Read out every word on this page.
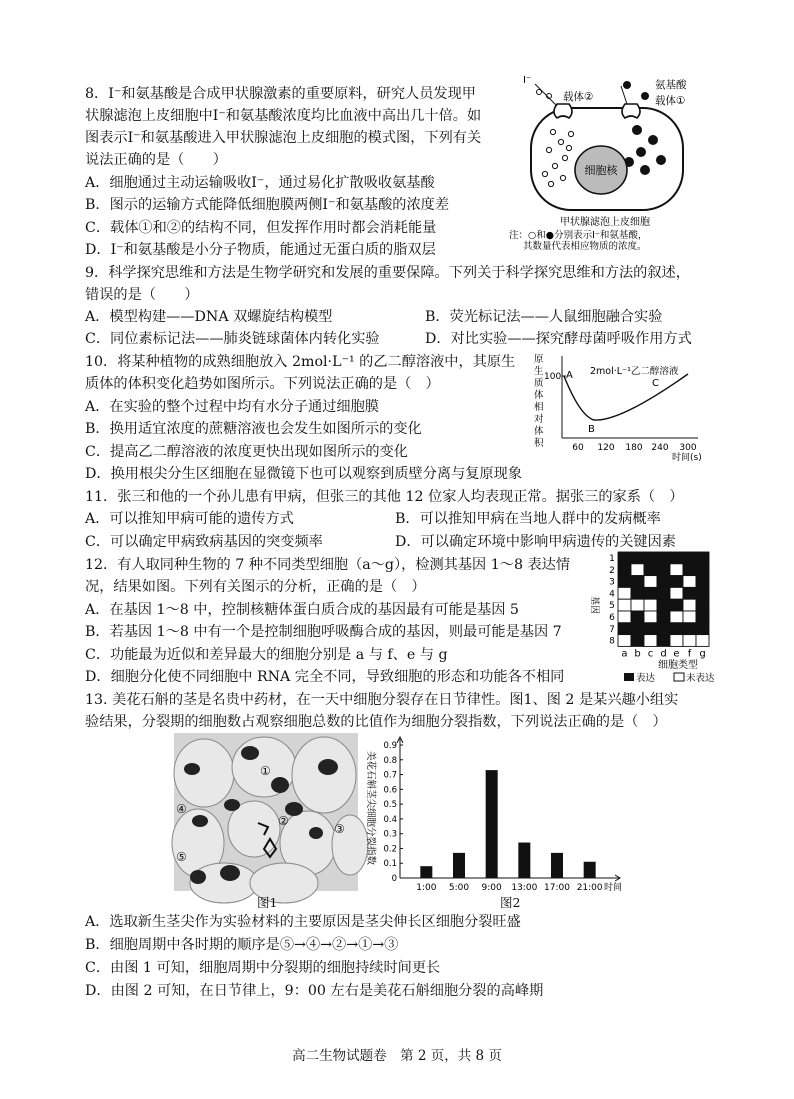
8．I⁻和氨基酸是合成甲状腺激素的重要原料，研究人员发现甲
状腺滤泡上皮细胞中I⁻和氨基酸浓度均比血液中高出几十倍。如
图表示I⁻和氨基酸进入甲状腺滤泡上皮细胞的模式图，下列有关
说法正确的是（　　）
A．细胞通过主动运输吸收I⁻，通过易化扩散吸收氨基酸
B．图示的运输方式能降低细胞膜两侧I⁻和氨基酸的浓度差
C．载体①和②的结构不同，但发挥作用时都会消耗能量
D．I⁻和氨基酸是小分子物质，能通过无蛋白质的脂双层
细胞核
I⁻
载体②
氨基酸
载体①
甲状腺滤泡上皮细胞
注：○和●分别表示I⁻和氨基酸，
其数量代表相应物质的浓度。
9．科学探究思维和方法是生物学研究和发展的重要保障。下列关于科学探究思维和方法的叙述，
错误的是（　　）
A．模型构建——DNA 双螺旋结构模型	B．荧光标记法——人鼠细胞融合实验
C．同位素标记法——肺炎链球菌体内转化实验	D．对比实验——探究酵母菌呼吸作用方式
10．将某种植物的成熟细胞放入 2mol·L⁻¹ 的乙二醇溶液中，其原生
质体的体积变化趋势如图所示。下列说法正确的是（　）
A．在实验的整个过程中均有水分子通过细胞膜
B．换用适宜浓度的蔗糖溶液也会发生如图所示的变化
C．提高乙二醇溶液的浓度更快出现如图所示的变化
D．换用根尖分生区细胞在显微镜下也可以观察到质壁分离与复原现象
原
生
质
体
相
对
体
积
100 A
B
C
2mol·L⁻¹乙二醇溶液
60 120 180 240 300
时间(s)
11．张三和他的一个孙儿患有甲病，但张三的其他 12 位家人均表现正常。据张三的家系（　）
A．可以推知甲病可能的遗传方式	B．可以推知甲病在当地人群中的发病概率
C．可以确定甲病致病基因的突变频率	D．可以确定环境中影响甲病遗传的关键因素
12．有人取同种生物的 7 种不同类型细胞（a～g），检测其基因 1～8 表达情
况，结果如图。下列有关图示的分析，正确的是（　）
A．在基因 1～8 中，控制核糖体蛋白质合成的基因最有可能是基因 5
B．若基因 1～8 中有一个是控制细胞呼吸酶合成的基因，则最可能是基因 7
C．功能最为近似和差异最大的细胞分别是 a 与 f、e 与 g
D．细胞分化使不同细胞中 RNA 完全不同，导致细胞的形态和功能各不相同
基因
1
2
3
4
5
6
7
8
a b c d e f g
细胞类型
表达	未表达
13. 美花石斛的茎是名贵中药材，在一天中细胞分裂存在日节律性。图1、图 2 是某兴趣小组实
验结果，分裂期的细胞数占观察细胞总数的比值作为细胞分裂指数，下列说法正确的是（　）
①
②
③
④
⑤
图1
美花石斛茎尖细胞分裂指数
0
0.1
0.2
0.3
0.4
0.5
0.6
0.7
0.8
0.9
1:00 5:00 9:00 13:00 17:00 21:00 时间
图2
A．选取新生茎尖作为实验材料的主要原因是茎尖伸长区细胞分裂旺盛
B．细胞周期中各时期的顺序是⑤→④→②→①→③
C．由图 1 可知，细胞周期中分裂期的细胞持续时间更长
D．由图 2 可知，在日节律上，9：00 左右是美花石斛细胞分裂的高峰期
高二生物试题卷　第 2 页，共 8 页
